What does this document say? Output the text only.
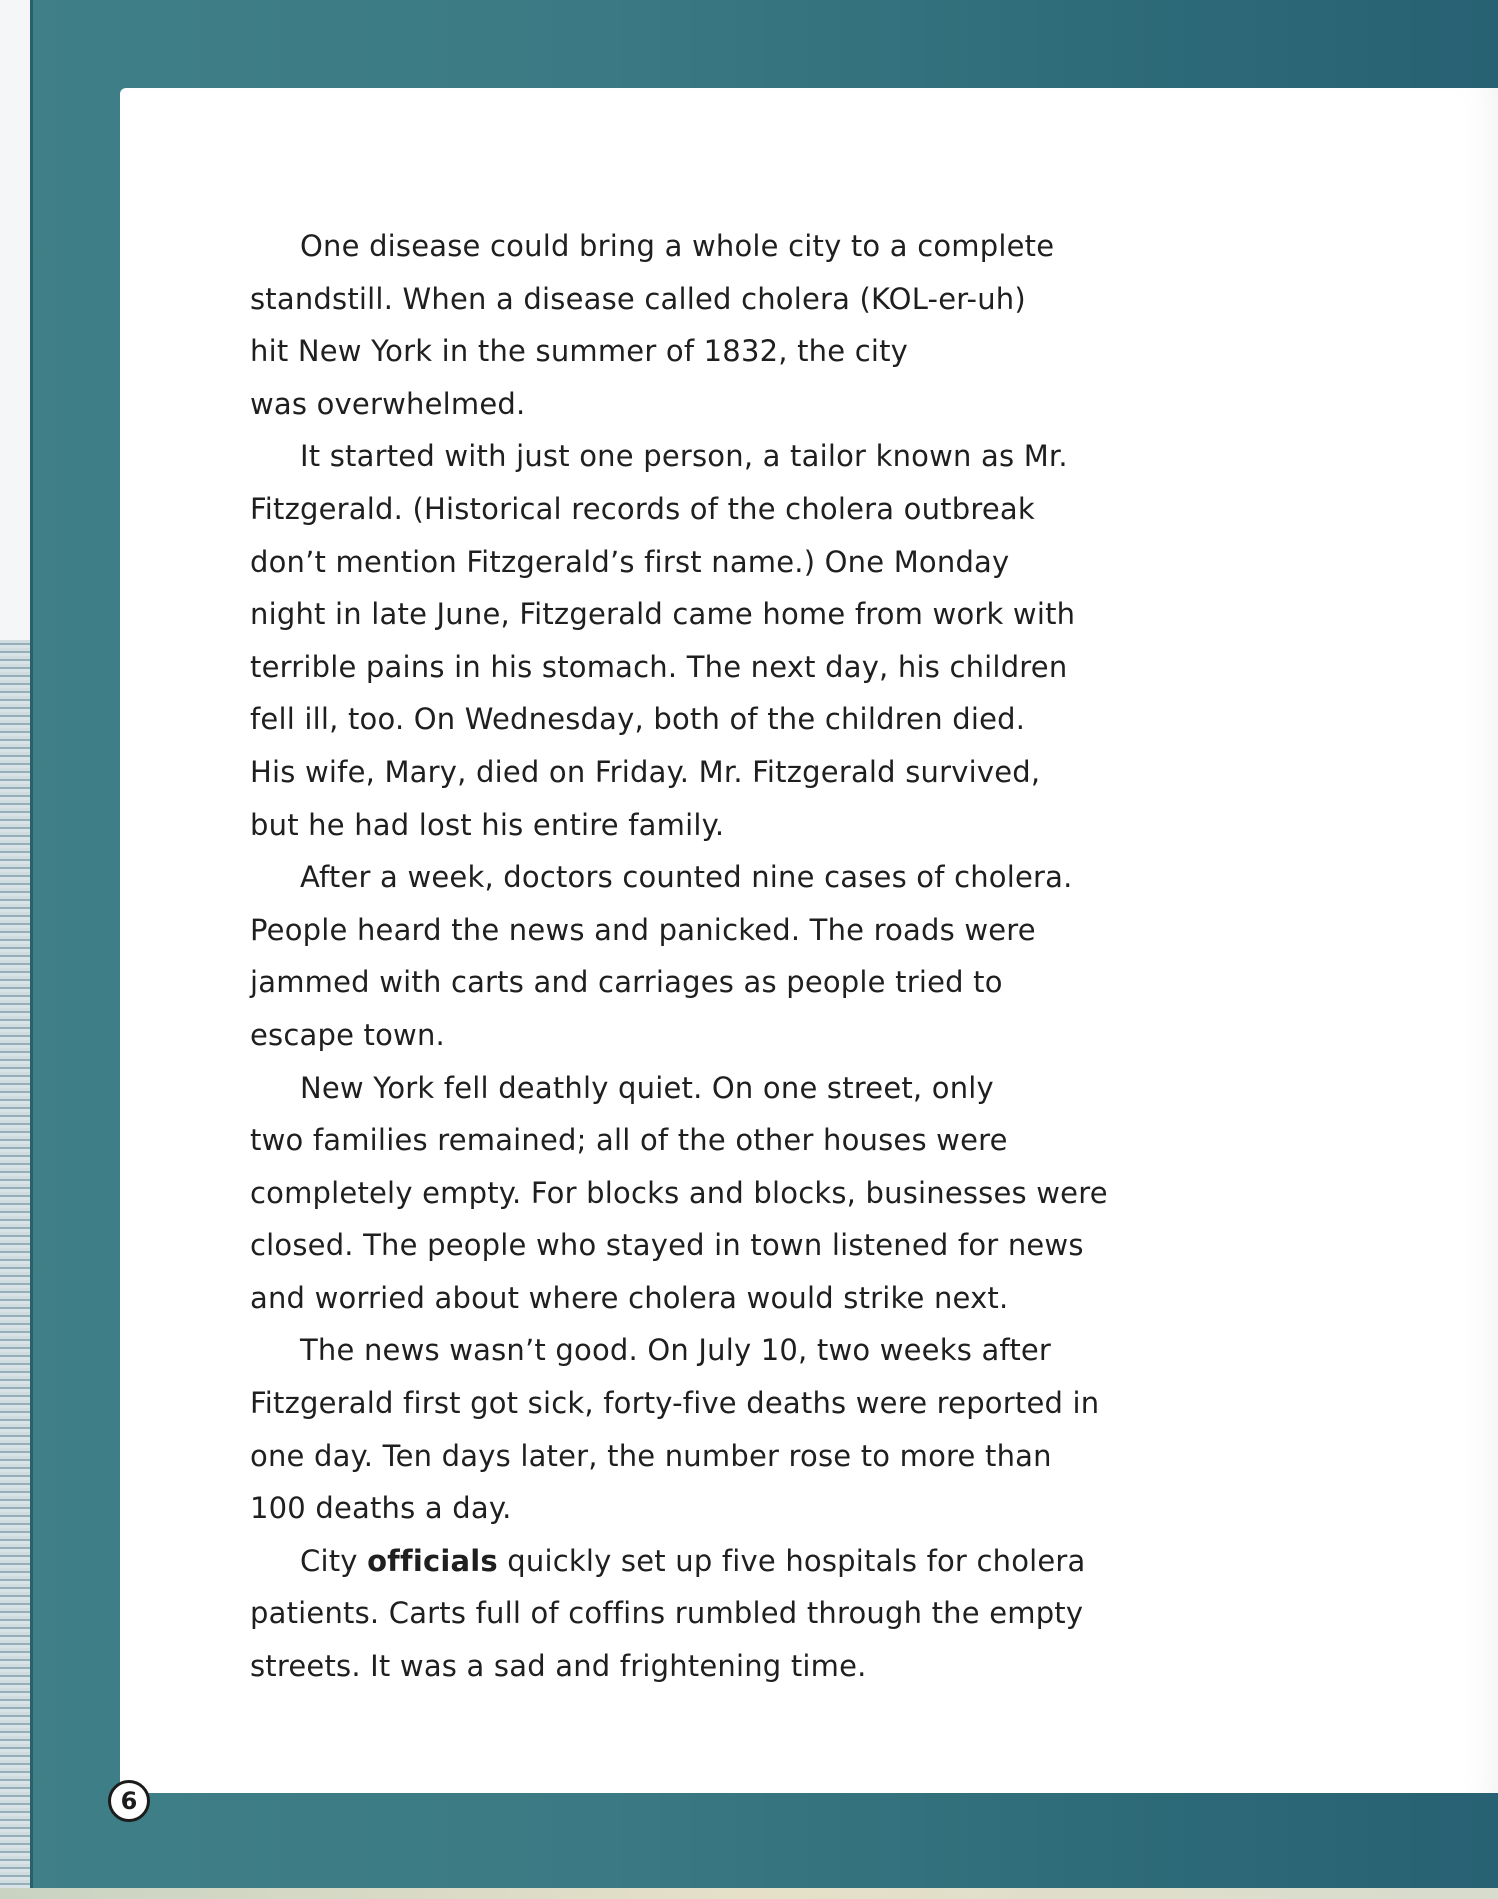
One disease could bring a whole city to a complete
standstill. When a disease called cholera (KOL-er-uh)
hit New York in the summer of 1832, the city
was overwhelmed.

It started with just one person, a tailor known as Mr.
Fitzgerald. (Historical records of the cholera outbreak
don’t mention Fitzgerald’s first name.) One Monday
night in late June, Fitzgerald came home from work with
terrible pains in his stomach. The next day, his children
fell ill, too. On Wednesday, both of the children died.
His wife, Mary, died on Friday. Mr. Fitzgerald survived,
but he had lost his entire family.

After a week, doctors counted nine cases of cholera.
People heard the news and panicked. The roads were
jammed with carts and carriages as people tried to
escape town.

New York fell deathly quiet. On one street, only
two families remained; all of the other houses were
completely empty. For blocks and blocks, businesses were
closed. The people who stayed in town listened for news
and worried about where cholera would strike next.

The news wasn’t good. On July 10, two weeks after
Fitzgerald first got sick, forty-five deaths were reported in
one day. Ten days later, the number rose to more than
100 deaths a day.

City officials quickly set up five hospitals for cholera
patients. Carts full of coffins rumbled through the empty
streets. It was a sad and frightening time.

6
